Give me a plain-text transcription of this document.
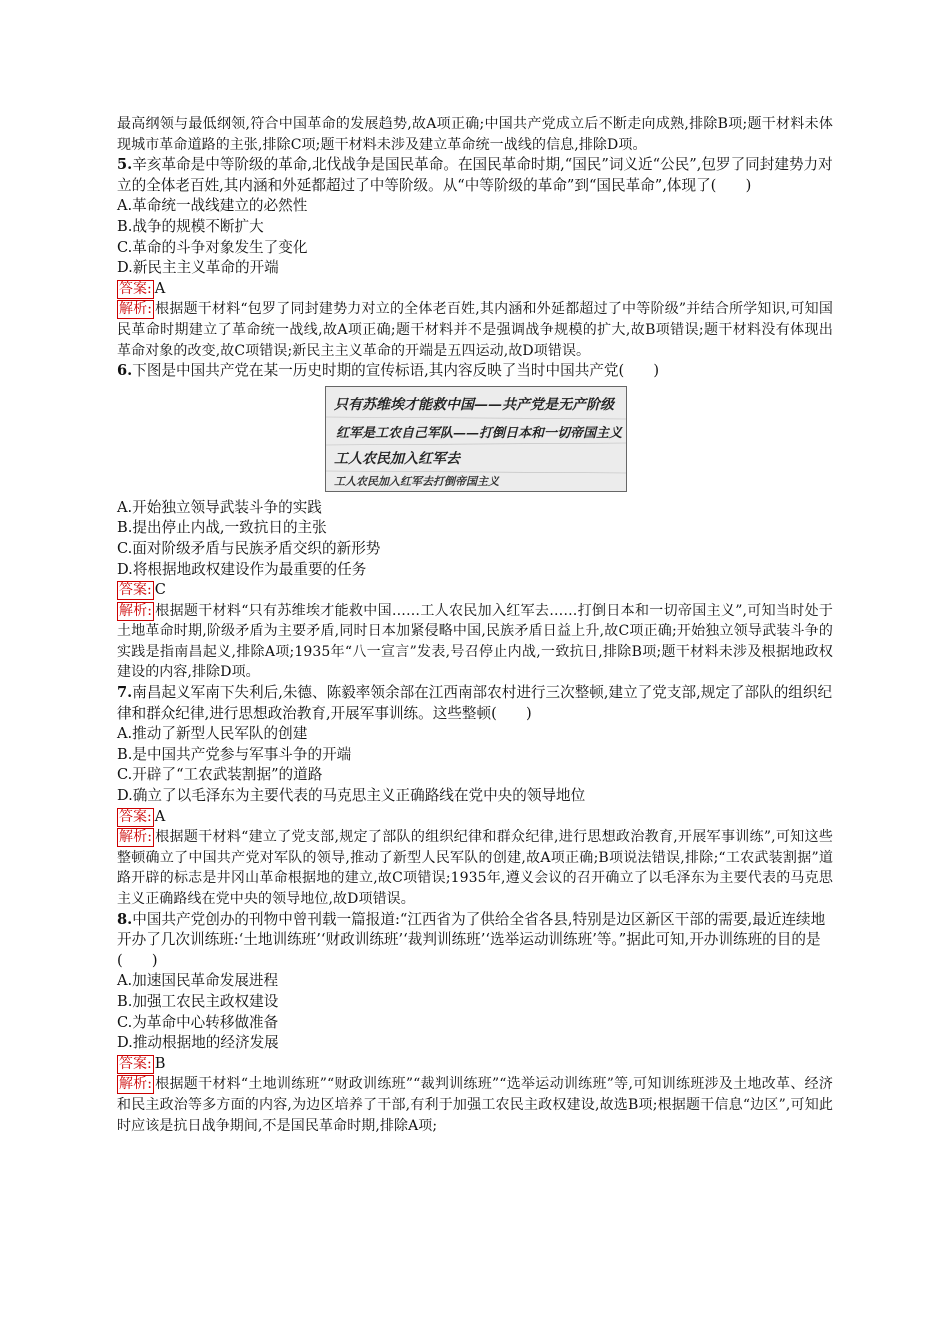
最高纲领与最低纲领,符合中国革命的发展趋势,故A项正确;中国共产党成立后不断走向成熟,排除B项;题干材料未体现城市革命道路的主张,排除C项;题干材料未涉及建立革命统一战线的信息,排除D项。

5.辛亥革命是中等阶级的革命,北伐战争是国民革命。在国民革命时期,“国民”词义近“公民”,包罗了同封建势力对立的全体老百姓,其内涵和外延都超过了中等阶级。从“中等阶级的革命”到“国民革命”,体现了(　　)

A.革命统一战线建立的必然性

B.战争的规模不断扩大

C.革命的斗争对象发生了变化

D.新民主主义革命的开端

答案: A

解析: 根据题干材料“包罗了同封建势力对立的全体老百姓,其内涵和外延都超过了中等阶级”并结合所学知识,可知国民革命时期建立了革命统一战线,故A项正确;题干材料并不是强调战争规模的扩大,故B项错误;题干材料没有体现出革命对象的改变,故C项错误;新民主主义革命的开端是五四运动,故D项错误。

6.下图是中国共产党在某一历史时期的宣传标语,其内容反映了当时中国共产党(　　)

只有苏维埃才能救中国——共产党是无产阶级
红军是工农自己军队——打倒日本和一切帝国主义
工人农民加入红军去
工人农民加入红军去打倒帝国主义

A.开始独立领导武装斗争的实践

B.提出停止内战,一致抗日的主张

C.面对阶级矛盾与民族矛盾交织的新形势

D.将根据地政权建设作为最重要的任务

答案: C

解析: 根据题干材料“只有苏维埃才能救中国……工人农民加入红军去……打倒日本和一切帝国主义”,可知当时处于土地革命时期,阶级矛盾为主要矛盾,同时日本加紧侵略中国,民族矛盾日益上升,故C项正确;开始独立领导武装斗争的实践是指南昌起义,排除A项;1935年“八一宣言”发表,号召停止内战,一致抗日,排除B项;题干材料未涉及根据地政权建设的内容,排除D项。

7.南昌起义军南下失利后,朱德、陈毅率领余部在江西南部农村进行三次整顿,建立了党支部,规定了部队的组织纪律和群众纪律,进行思想政治教育,开展军事训练。这些整顿(　　)

A.推动了新型人民军队的创建

B.是中国共产党参与军事斗争的开端

C.开辟了“工农武装割据”的道路

D.确立了以毛泽东为主要代表的马克思主义正确路线在党中央的领导地位

答案: A

解析: 根据题干材料“建立了党支部,规定了部队的组织纪律和群众纪律,进行思想政治教育,开展军事训练”,可知这些整顿确立了中国共产党对军队的领导,推动了新型人民军队的创建,故A项正确;B项说法错误,排除;“工农武装割据”道路开辟的标志是井冈山革命根据地的建立,故C项错误;1935年,遵义会议的召开确立了以毛泽东为主要代表的马克思主义正确路线在党中央的领导地位,故D项错误。

8.中国共产党创办的刊物中曾刊载一篇报道:“江西省为了供给全省各县,特别是边区新区干部的需要,最近连续地开办了几次训练班:‘土地训练班’‘财政训练班’‘裁判训练班’‘选举运动训练班’等。”据此可知,开办训练班的目的是(　　)

A.加速国民革命发展进程

B.加强工农民主政权建设

C.为革命中心转移做准备

D.推动根据地的经济发展

答案: B

解析: 根据题干材料“土地训练班”“财政训练班”“裁判训练班”“选举运动训练班”等,可知训练班涉及土地改革、经济和民主政治等多方面的内容,为边区培养了干部,有利于加强工农民主政权建设,故选B项;根据题干信息“边区”,可知此时应该是抗日战争期间,不是国民革命时期,排除A项;
